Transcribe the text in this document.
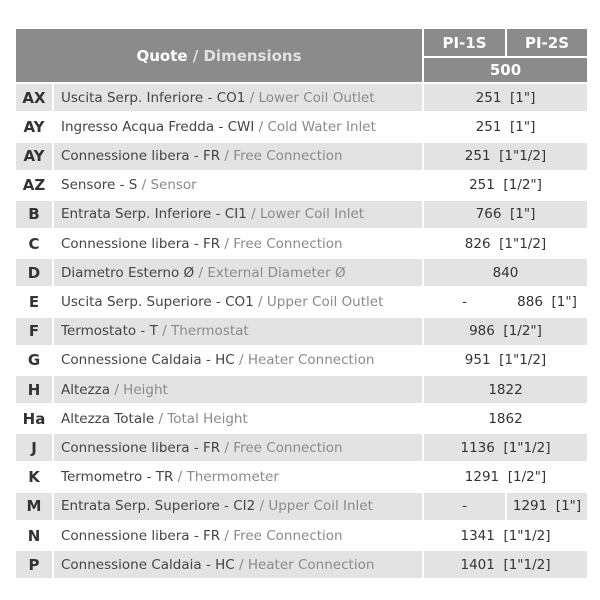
Quote / Dimensions
PI-1S	PI-2S
500
AX	Uscita Serp. Inferiore - CO1 / Lower Coil Outlet	251  [1"]
AY	Ingresso Acqua Fredda - CWI / Cold Water Inlet	251  [1"]
AY	Connessione libera - FR / Free Connection	251  [1"1/2]
AZ	Sensore - S / Sensor	251  [1/2"]
B	Entrata Serp. Inferiore - CI1 / Lower Coil Inlet	766  [1"]
C	Connessione libera - FR / Free Connection	826  [1"1/2]
D	Diametro Esterno Ø / External Diameter Ø	840
E	Uscita Serp. Superiore - CO1 / Upper Coil Outlet	-	886  [1"]
F	Termostato - T / Thermostat	986  [1/2"]
G	Connessione Caldaia - HC / Heater Connection	951  [1"1/2]
H	Altezza / Height	1822
Ha	Altezza Totale / Total Height	1862
J	Connessione libera - FR / Free Connection	1136  [1"1/2]
K	Termometro - TR / Thermometer	1291  [1/2"]
M	Entrata Serp. Superiore - CI2 / Upper Coil Inlet	-	1291  [1"]
N	Connessione libera - FR / Free Connection	1341  [1"1/2]
P	Connessione Caldaia - HC / Heater Connection	1401  [1"1/2]
